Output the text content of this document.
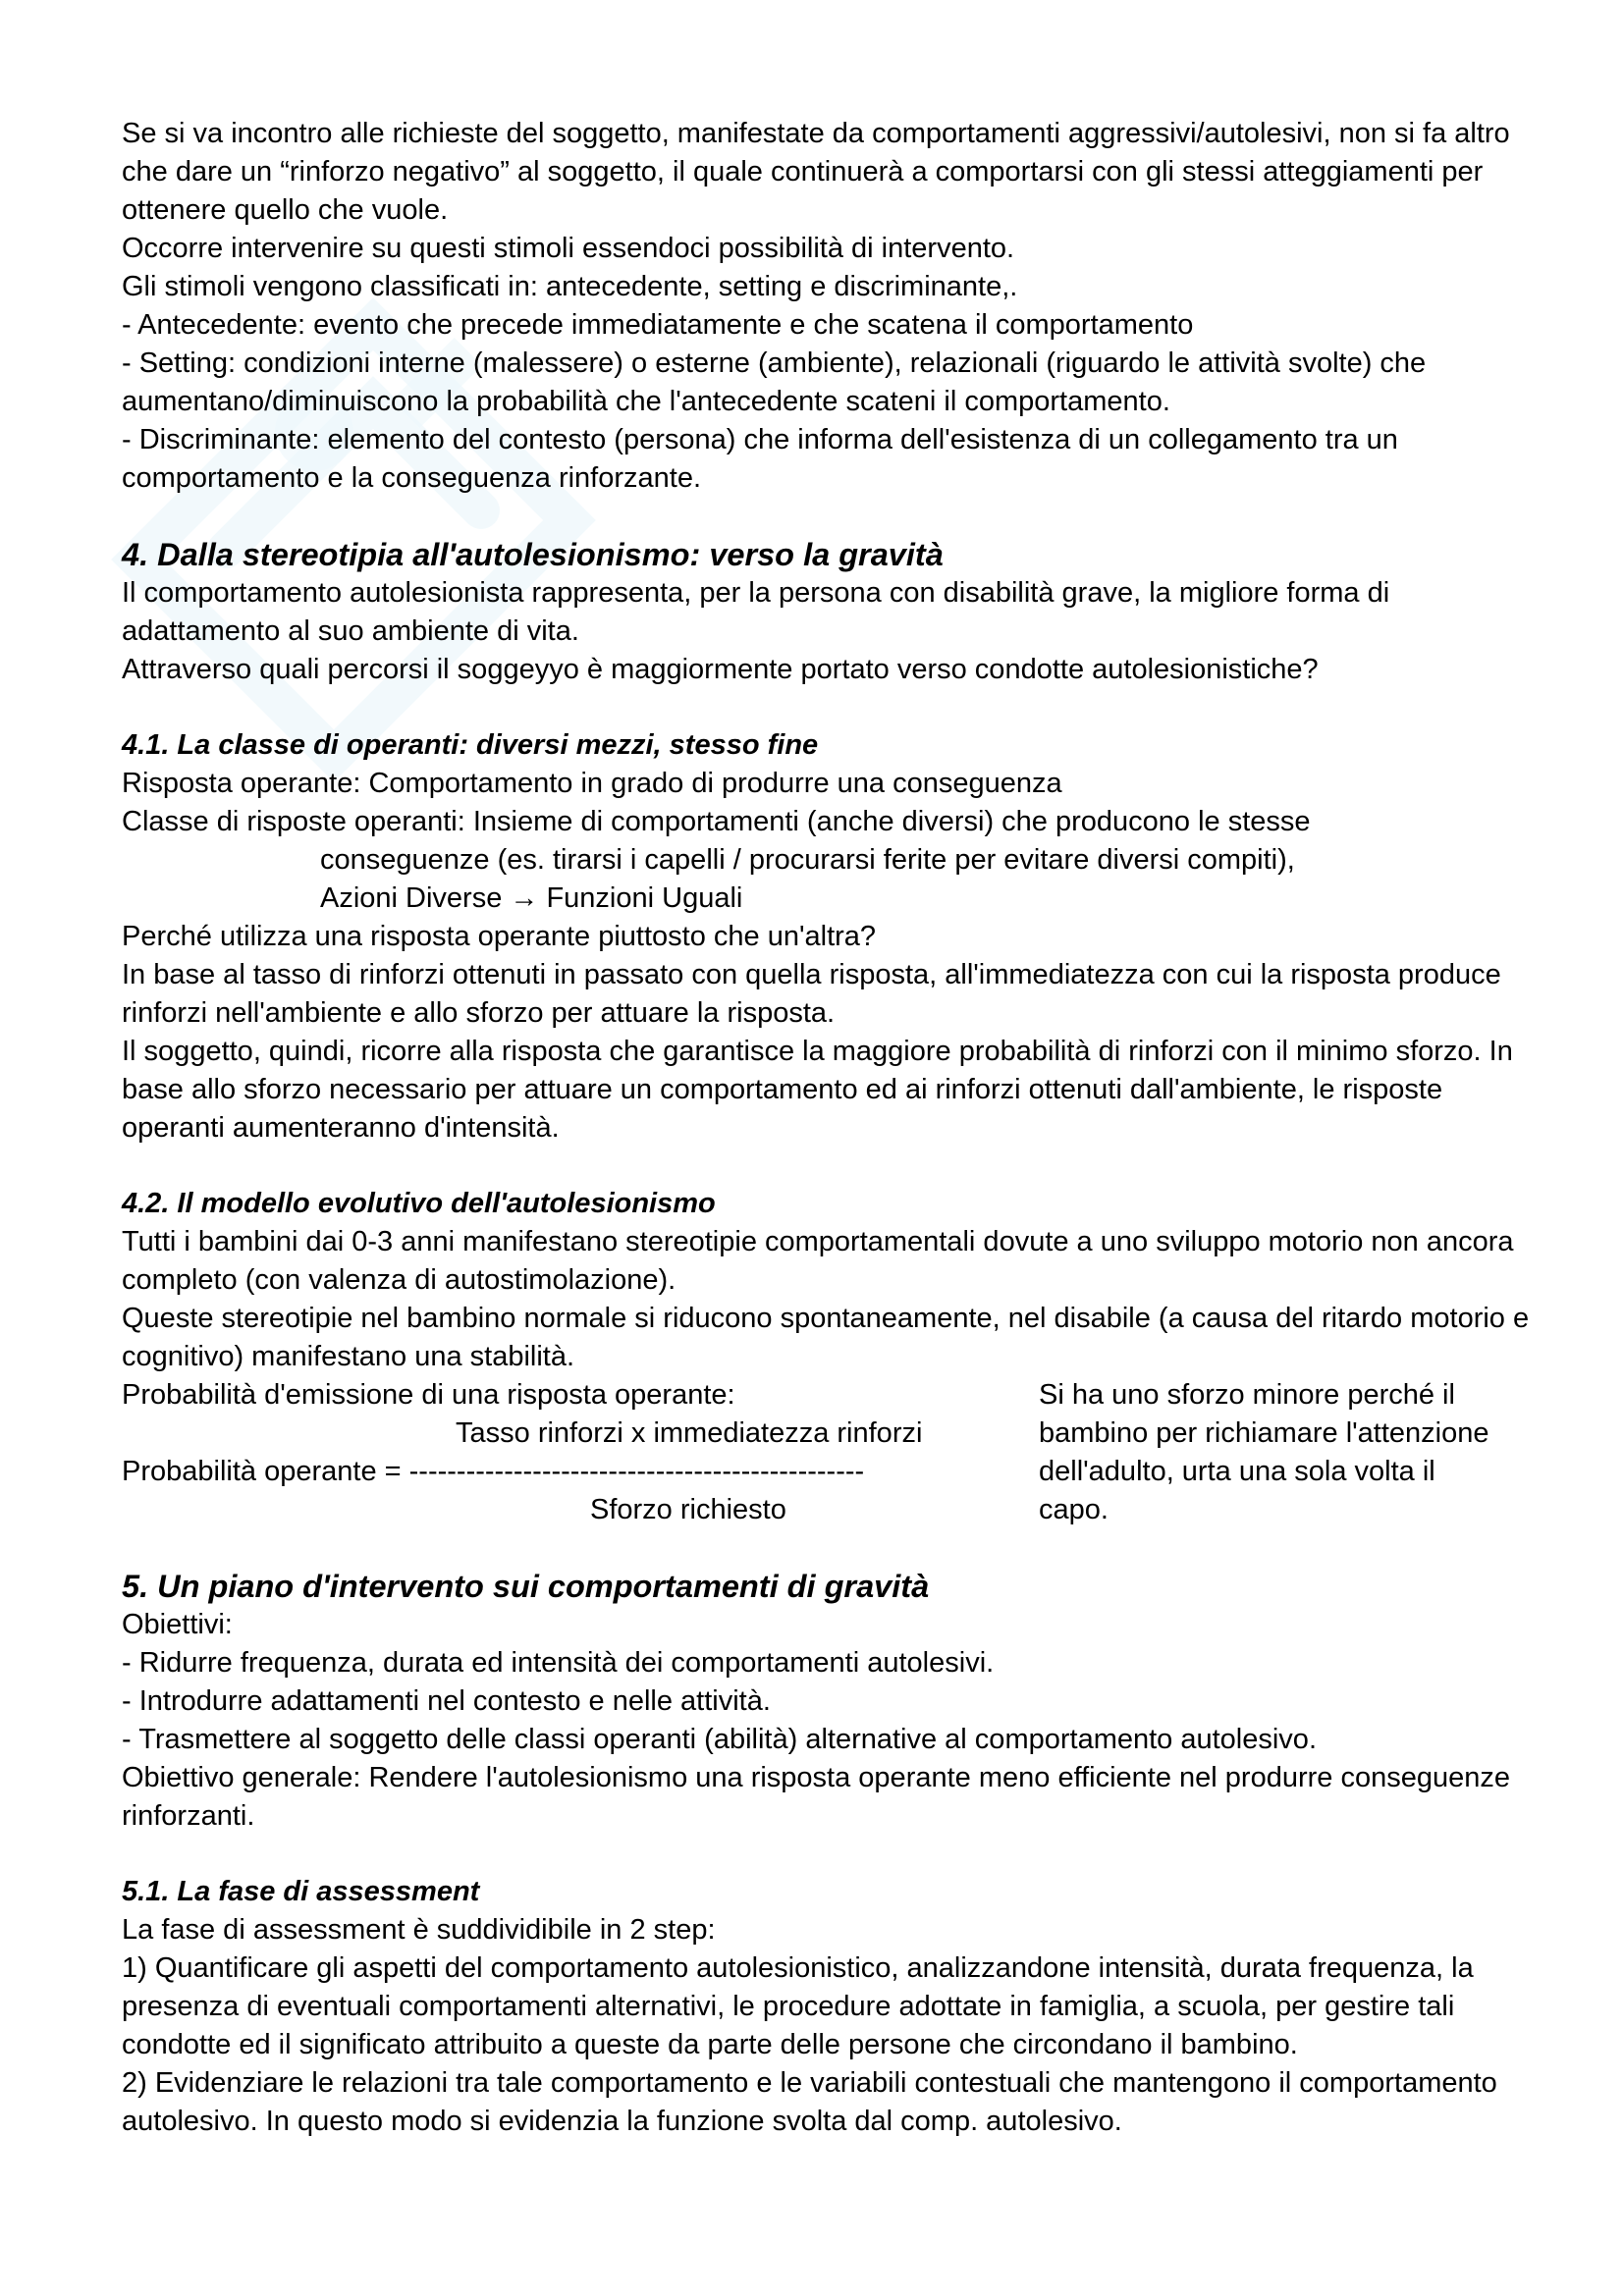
Se si va incontro alle richieste del soggetto, manifestate da comportamenti aggressivi/autolesivi, non si fa altro che dare un “rinforzo negativo” al soggetto, il quale continuerà a comportarsi con gli stessi atteggiamenti per ottenere quello che vuole.

Occorre intervenire su questi stimoli essendoci possibilità di intervento.

Gli stimoli vengono classificati in: antecedente, setting e discriminante,.

- Antecedente: evento che precede immediatamente e che scatena il comportamento

- Setting: condizioni interne (malessere) o esterne (ambiente), relazionali (riguardo le attività svolte) che aumentano/diminuiscono la probabilità che l'antecedente scateni il comportamento.

- Discriminante: elemento del contesto (persona) che informa dell'esistenza di un collegamento tra un comportamento e la conseguenza rinforzante.

4. Dalla stereotipia all'autolesionismo: verso la gravità

Il comportamento autolesionista rappresenta, per la persona con disabilità grave, la migliore forma di adattamento al suo ambiente di vita.

Attraverso quali percorsi il soggeyyo è maggiormente portato verso condotte autolesionistiche?

4.1. La classe di operanti: diversi mezzi, stesso fine

Risposta operante: Comportamento in grado di produrre una conseguenza

Classe di risposte operanti: Insieme di comportamenti (anche diversi) che producono le stesse

conseguenze (es. tirarsi i capelli / procurarsi ferite per evitare diversi compiti),

Azioni Diverse → Funzioni Uguali

Perché utilizza una risposta operante piuttosto che un'altra?

In base al tasso di rinforzi ottenuti in passato con quella risposta, all'immediatezza con cui la risposta produce rinforzi nell'ambiente e allo sforzo per attuare la risposta.

Il soggetto, quindi, ricorre alla risposta che garantisce la maggiore probabilità di rinforzi con il minimo sforzo. In base allo sforzo necessario per attuare un comportamento ed ai rinforzi ottenuti dall'ambiente, le risposte operanti aumenteranno d'intensità.

4.2. Il modello evolutivo dell'autolesionismo

Tutti i bambini dai 0-3 anni manifestano stereotipie comportamentali dovute a uno sviluppo motorio non ancora completo (con valenza di autostimolazione).

Queste stereotipie nel bambino normale si riducono spontaneamente, nel disabile (a causa del ritardo motorio e cognitivo) manifestano una stabilità.

Probabilità d'emissione di una risposta operante:

Tasso rinforzi x immediatezza rinforzi

Probabilità operante = ------------------------------------------------

Sforzo richiesto

Si ha uno sforzo minore perché il bambino per richiamare l'attenzione dell'adulto, urta una sola volta il capo.

5. Un piano d'intervento sui comportamenti di gravità

Obiettivi:

- Ridurre frequenza, durata ed intensità dei comportamenti autolesivi.

- Introdurre adattamenti nel contesto e nelle attività.

- Trasmettere al soggetto delle classi operanti (abilità) alternative al comportamento autolesivo.

Obiettivo generale: Rendere l'autolesionismo una risposta operante meno efficiente nel produrre conseguenze rinforzanti.

5.1. La fase di assessment

La fase di assessment è suddividibile in 2 step:

1) Quantificare gli aspetti del comportamento autolesionistico, analizzandone intensità, durata frequenza, la presenza di eventuali comportamenti alternativi, le procedure adottate in famiglia, a scuola, per gestire tali condotte ed il significato attribuito a queste da parte delle persone che circondano il bambino.

2) Evidenziare le relazioni tra tale comportamento e le variabili contestuali che mantengono il comportamento autolesivo. In questo modo si evidenzia la funzione svolta dal comp. autolesivo.
